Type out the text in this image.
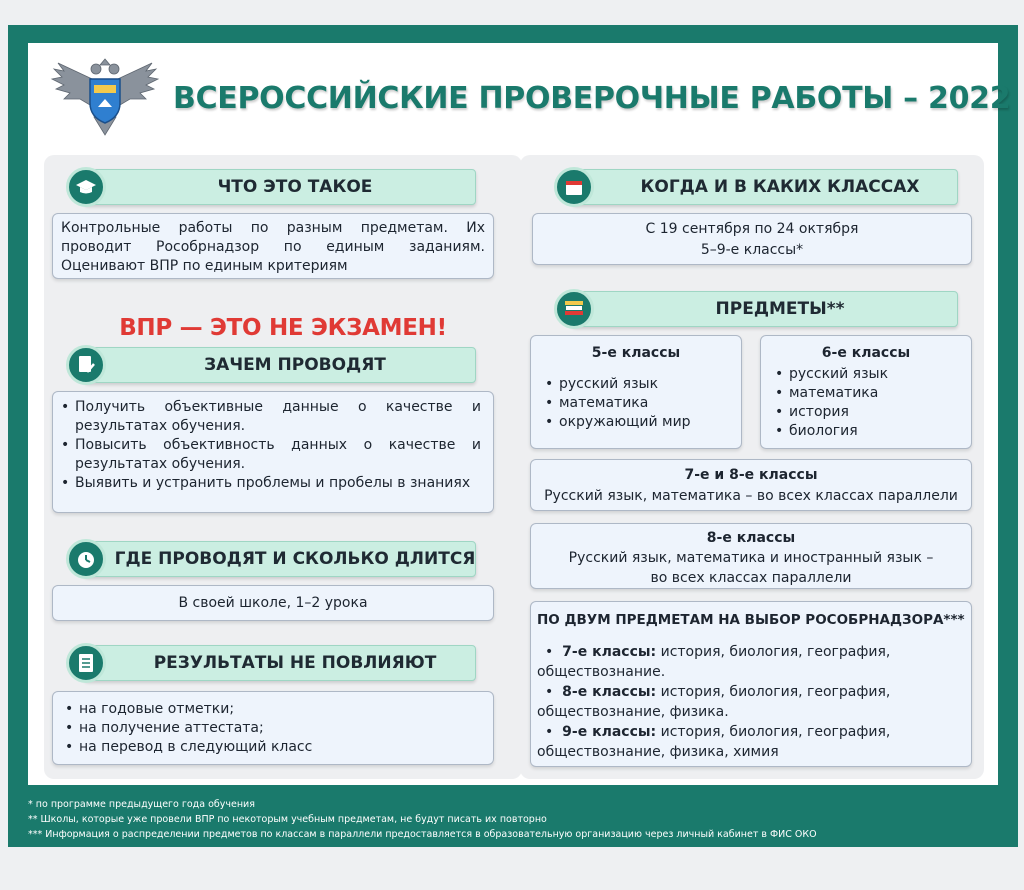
ВСЕРОССИЙСКИЕ ПРОВЕРОЧНЫЕ РАБОТЫ – 2022
ЧТО ЭТО ТАКОЕ
Контрольные работы по разным предметам. Их проводит Рособрнадзор по единым заданиям. Оценивают ВПР по единым критериям
ВПР — ЭТО НЕ ЭКЗАМЕН!
ЗАЧЕМ ПРОВОДЯТ
• Получить объективные данные о качестве и результатах обучения.
• Повысить объективность данных о качестве и результатах обучения.
• Выявить и устранить проблемы и пробелы в знаниях
ГДЕ ПРОВОДЯТ И СКОЛЬКО ДЛИТСЯ
В своей школе, 1–2 урока
РЕЗУЛЬТАТЫ НЕ ПОВЛИЯЮТ
• на годовые отметки;
• на получение аттестата;
• на перевод в следующий класс
КОГДА И В КАКИХ КЛАССАХ
С 19 сентября по 24 октября
5–9-е классы*
ПРЕДМЕТЫ**
5-е классы
• русский язык
• математика
• окружающий мир
6-е классы
• русский язык
• математика
• история
• биология
7-е и 8-е классы
Русский язык, математика – во всех классах параллели
8-е классы
Русский язык, математика и иностранный язык –
во всех классах параллели
ПО ДВУМ ПРЕДМЕТАМ НА ВЫБОР РОСОБРНАДЗОРА***
•  7-е классы: история, биология, география,
обществознание.
•  8-е классы: история, биология, география,
обществознание, физика.
•  9-е классы: история, биология, география,
обществознание, физика, химия
* по программе предыдущего года обучения
** Школы, которые уже провели ВПР по некоторым учебным предметам, не будут писать их повторно
*** Информация о распределении предметов по классам в параллели предоставляется в образовательную организацию через личный кабинет в ФИС ОКО
